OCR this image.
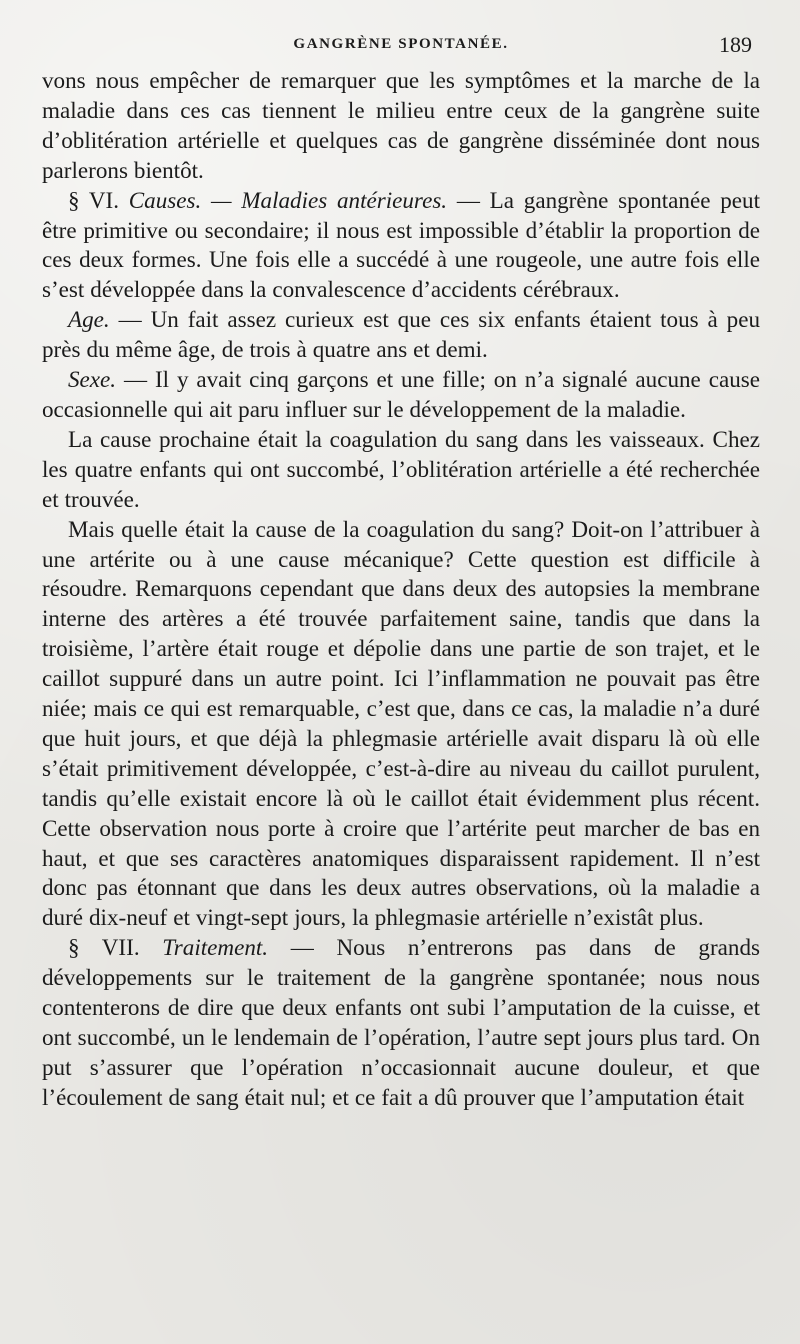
GANGRÈNE SPONTANÉE.	189

vons nous empêcher de remarquer que les symptômes et la marche de la maladie dans ces cas tiennent le milieu entre ceux de la gangrène suite d’oblitération artérielle et quelques cas de gangrène disséminée dont nous parlerons bientôt.

§ VI. Causes. — Maladies antérieures. — La gangrène spontanée peut être primitive ou secondaire; il nous est impossible d’établir la proportion de ces deux formes. Une fois elle a succédé à une rougeole, une autre fois elle s’est développée dans la convalescence d’accidents cérébraux.

Age. — Un fait assez curieux est que ces six enfants étaient tous à peu près du même âge, de trois à quatre ans et demi.

Sexe. — Il y avait cinq garçons et une fille; on n’a signalé aucune cause occasionnelle qui ait paru influer sur le développement de la maladie.

La cause prochaine était la coagulation du sang dans les vaisseaux. Chez les quatre enfants qui ont succombé, l’oblitération artérielle a été recherchée et trouvée.

Mais quelle était la cause de la coagulation du sang? Doit-on l’attribuer à une artérite ou à une cause mécanique? Cette question est difficile à résoudre. Remarquons cependant que dans deux des autopsies la membrane interne des artères a été trouvée parfaitement saine, tandis que dans la troisième, l’artère était rouge et dépolie dans une partie de son trajet, et le caillot suppuré dans un autre point. Ici l’inflammation ne pouvait pas être niée; mais ce qui est remarquable, c’est que, dans ce cas, la maladie n’a duré que huit jours, et que déjà la phlegmasie artérielle avait disparu là où elle s’était primitivement développée, c’est-à-dire au niveau du caillot purulent, tandis qu’elle existait encore là où le caillot était évidemment plus récent. Cette observation nous porte à croire que l’artérite peut marcher de bas en haut, et que ses caractères anatomiques disparaissent rapidement. Il n’est donc pas étonnant que dans les deux autres observations, où la maladie a duré dix-neuf et vingt-sept jours, la phlegmasie artérielle n’existât plus.

§ VII. Traitement. — Nous n’entrerons pas dans de grands développements sur le traitement de la gangrène spontanée; nous nous contenterons de dire que deux enfants ont subi l’amputation de la cuisse, et ont succombé, un le lendemain de l’opération, l’autre sept jours plus tard. On put s’assurer que l’opération n’occasionnait aucune douleur, et que l’écoulement de sang était nul; et ce fait a dû prouver que l’amputation était
